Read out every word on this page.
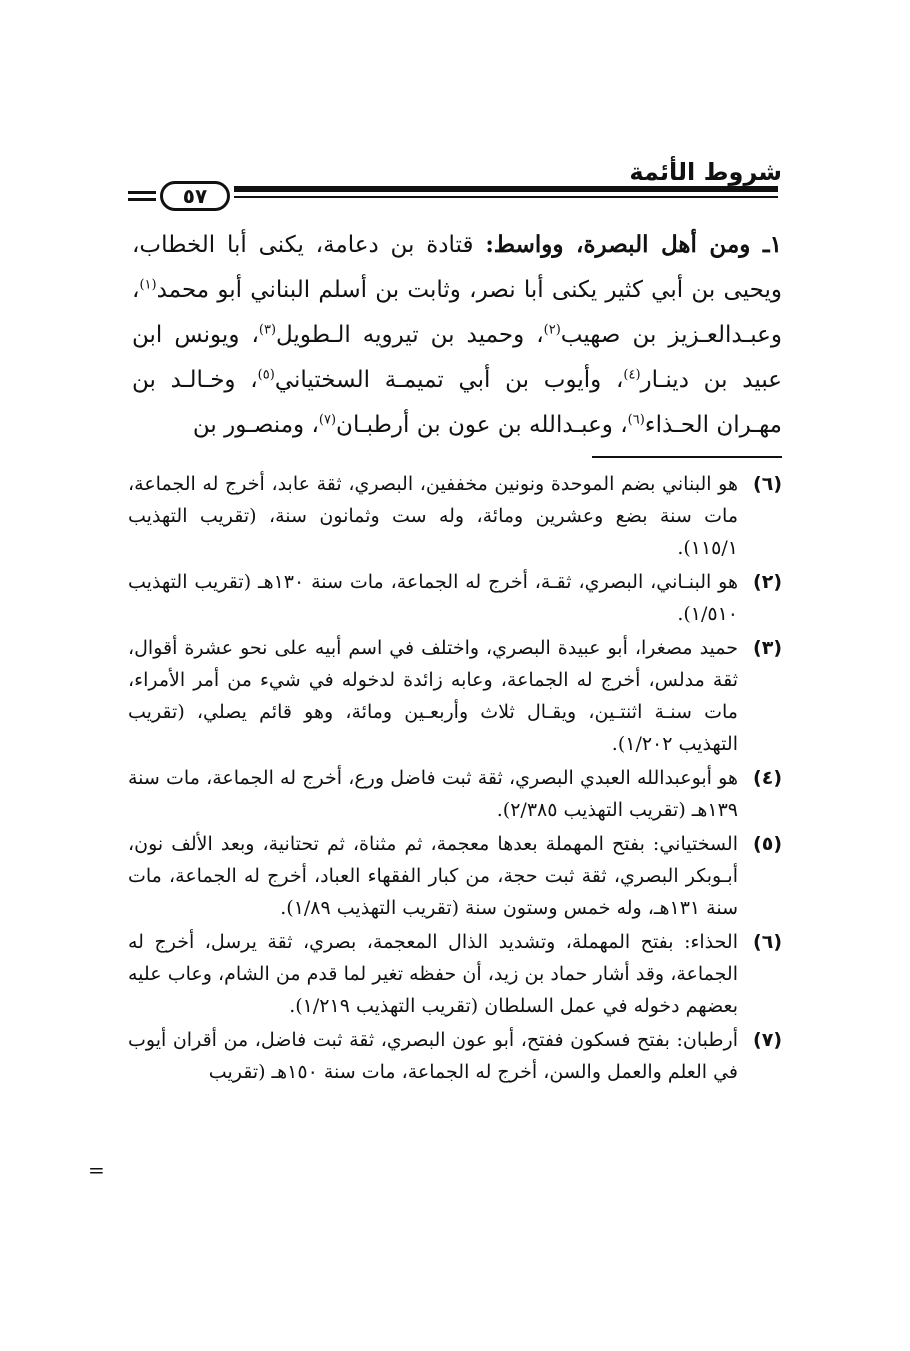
شروط الأئمة
٥٧
١ـ ومن أهل البصرة، وواسط: قتادة بن دعامة، يكنى أبا الخطاب، ويحيى بن أبي كثير يكنى أبا نصر، وثابت بن أسلم البناني أبو محمد$^{(١)}$، وعبـدالعـزيز بن صهيب$^{(٢)}$، وحميد بن تيرويه الـطويل$^{(٣)}$، ويونس ابن عبيد بن دينـار$^{(٤)}$، وأيوب بن أبي تميمـة السختياني$^{(٥)}$، وخـالـد بن مهـران الحـذاء$^{(٦)}$، وعبـدالله بن عون بن أرطبـان$^{(٧)}$، ومنصـور بن
(٦)
هو البناني بضم الموحدة ونونين مخففين، البصري، ثقة عابد، أخرج له الجماعة، مات سنة بضع وعشرين ومائة، وله ست وثمانون سنة، (تقريب التهذيب ١١٥/١).
(٢)
هو البنـاني، البصري، ثقـة، أخرج له الجماعة، مات سنة ١٣٠هـ (تقريب التهذيب ١/٥١٠).
(٣)
حميد مصغرا، أبو عبيدة البصري، واختلف في اسم أبيه على نحو عشرة أقوال، ثقة مدلس، أخرج له الجماعة، وعابه زائدة لدخوله في شيء من أمر الأمراء، مات سنـة اثنتـين، ويقـال ثلاث وأربعـين ومائة، وهو قائم يصلي، (تقريب التهذيب ١/٢٠٢).
(٤)
هو أبوعبدالله العبدي البصري، ثقة ثبت فاضل ورع، أخرج له الجماعة، مات سنة ١٣٩هـ (تقريب التهذيب ٢/٣٨٥).
(٥)
السختياني: بفتح المهملة بعدها معجمة، ثم مثناة، ثم تحتانية، وبعد الألف نون، أبـوبكر البصري، ثقة ثبت حجة، من كبار الفقهاء العباد، أخرج له الجماعة، مات سنة ١٣١هـ، وله خمس وستون سنة (تقريب التهذيب ١/٨٩).
(٦)
الحذاء: بفتح المهملة، وتشديد الذال المعجمة، بصري، ثقة يرسل، أخرج له الجماعة، وقد أشار حماد بن زيد، أن حفظه تغير لما قدم من الشام، وعاب عليه بعضهم دخوله في عمل السلطان (تقريب التهذيب ١/٢١٩).
(٧)
أرطبان: بفتح فسكون ففتح، أبو عون البصري، ثقة ثبت فاضل، من أقران أيوب في العلم والعمل والسن، أخرج له الجماعة، مات سنة ١٥٠هـ (تقريب
=
